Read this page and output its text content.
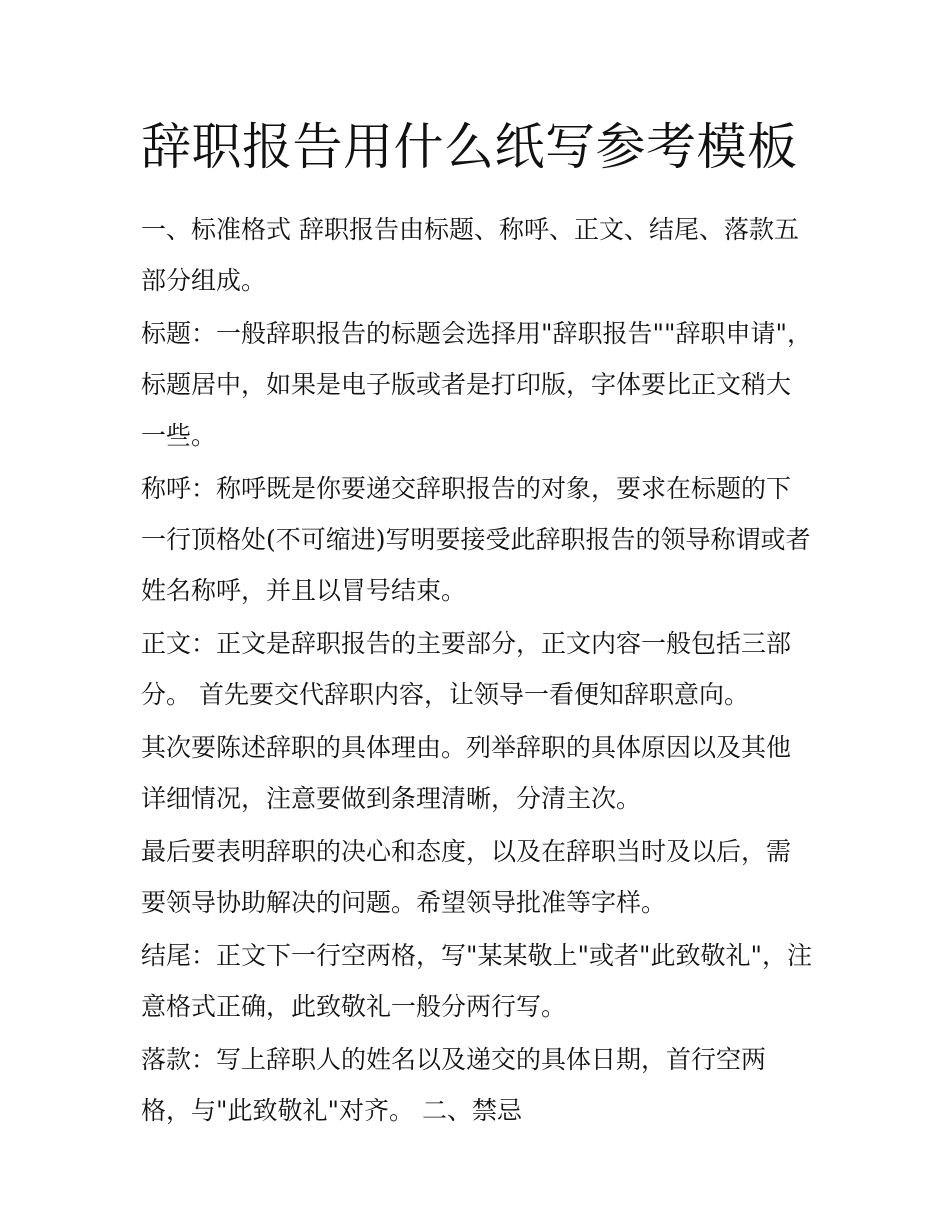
辞职报告用什么纸写参考模板

一、标准格式 辞职报告由标题、称呼、正文、结尾、落款五部分组成。

标题：一般辞职报告的标题会选择用"辞职报告""辞职申请"，标题居中，如果是电子版或者是打印版，字体要比正文稍大一些。

称呼：称呼既是你要递交辞职报告的对象，要求在标题的下一行顶格处(不可缩进)写明要接受此辞职报告的领导称谓或者姓名称呼，并且以冒号结束。

正文：正文是辞职报告的主要部分，正文内容一般包括三部分。 首先要交代辞职内容，让领导一看便知辞职意向。

其次要陈述辞职的具体理由。列举辞职的具体原因以及其他详细情况，注意要做到条理清晰，分清主次。

最后要表明辞职的决心和态度，以及在辞职当时及以后，需要领导协助解决的问题。希望领导批准等字样。

结尾：正文下一行空两格，写"某某敬上"或者"此致敬礼"，注意格式正确，此致敬礼一般分两行写。

落款：写上辞职人的姓名以及递交的具体日期，首行空两格，与"此致敬礼"对齐。 二、禁忌
